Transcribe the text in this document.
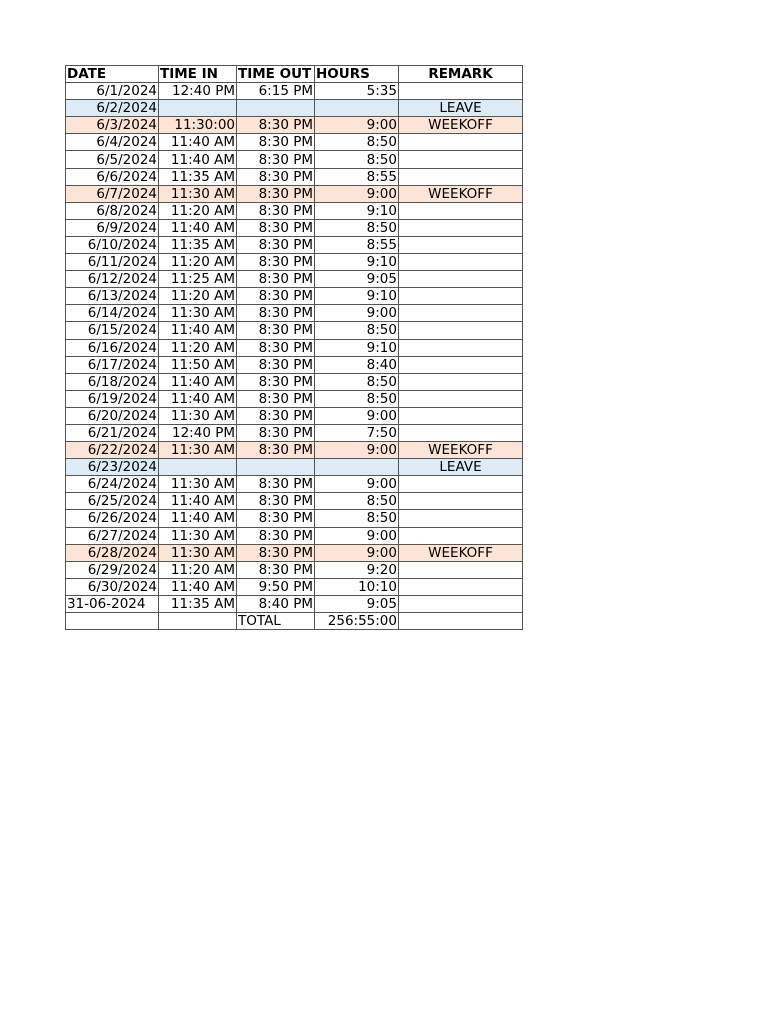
DATE	TIME IN	TIME OUT	HOURS	REMARK
6/1/2024	12:40 PM	6:15 PM	5:35	
6/2/2024				LEAVE
6/3/2024	11:30:00	8:30 PM	9:00	WEEKOFF
6/4/2024	11:40 AM	8:30 PM	8:50	
6/5/2024	11:40 AM	8:30 PM	8:50	
6/6/2024	11:35 AM	8:30 PM	8:55	
6/7/2024	11:30 AM	8:30 PM	9:00	WEEKOFF
6/8/2024	11:20 AM	8:30 PM	9:10	
6/9/2024	11:40 AM	8:30 PM	8:50	
6/10/2024	11:35 AM	8:30 PM	8:55	
6/11/2024	11:20 AM	8:30 PM	9:10	
6/12/2024	11:25 AM	8:30 PM	9:05	
6/13/2024	11:20 AM	8:30 PM	9:10	
6/14/2024	11:30 AM	8:30 PM	9:00	
6/15/2024	11:40 AM	8:30 PM	8:50	
6/16/2024	11:20 AM	8:30 PM	9:10	
6/17/2024	11:50 AM	8:30 PM	8:40	
6/18/2024	11:40 AM	8:30 PM	8:50	
6/19/2024	11:40 AM	8:30 PM	8:50	
6/20/2024	11:30 AM	8:30 PM	9:00	
6/21/2024	12:40 PM	8:30 PM	7:50	
6/22/2024	11:30 AM	8:30 PM	9:00	WEEKOFF
6/23/2024				LEAVE
6/24/2024	11:30 AM	8:30 PM	9:00	
6/25/2024	11:40 AM	8:30 PM	8:50	
6/26/2024	11:40 AM	8:30 PM	8:50	
6/27/2024	11:30 AM	8:30 PM	9:00	
6/28/2024	11:30 AM	8:30 PM	9:00	WEEKOFF
6/29/2024	11:20 AM	8:30 PM	9:20	
6/30/2024	11:40 AM	9:50 PM	10:10	
31-06-2024	11:35 AM	8:40 PM	9:05	
		TOTAL	256:55:00	
